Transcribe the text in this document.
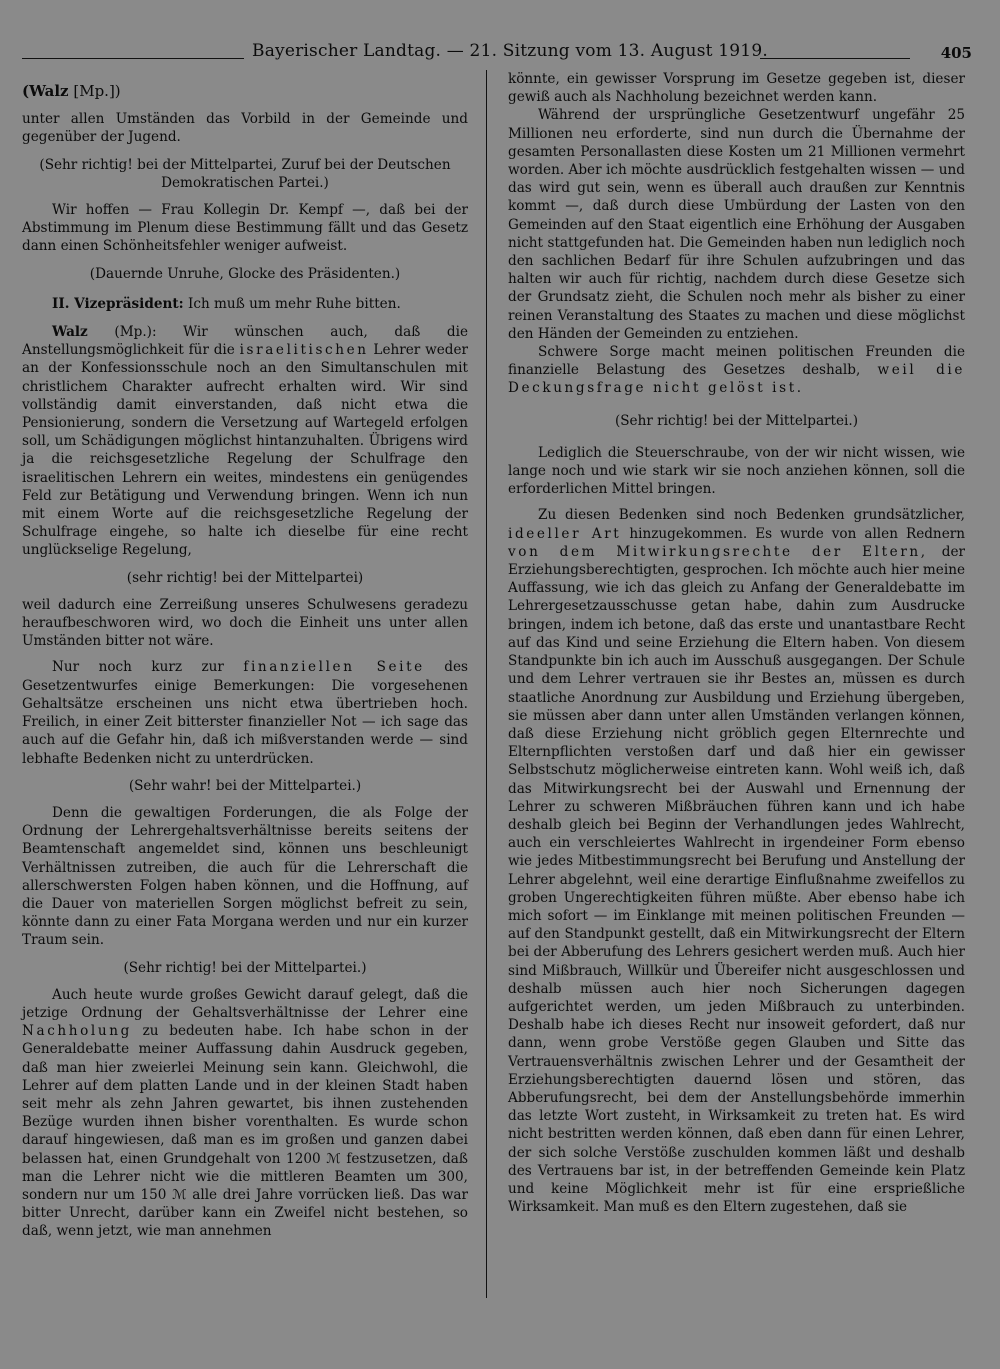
Bayerischer Landtag. — 21. Sitzung vom 13. August 1919.	405

(Walz [Mp.])

unter allen Umständen das Vorbild in der Gemeinde und gegenüber der Jugend.

(Sehr richtig! bei der Mittelpartei, Zuruf bei der Deutschen Demokratischen Partei.)

Wir hoffen — Frau Kollegin Dr. Kempf —, daß bei der Abstimmung im Plenum diese Bestimmung fällt und das Gesetz dann einen Schönheitsfehler weniger aufweist.

(Dauernde Unruhe, Glocke des Präsidenten.)

II. Vizepräsident: Ich muß um mehr Ruhe bitten.

Walz (Mp.): Wir wünschen auch, daß die Anstellungsmöglichkeit für die israelitischen Lehrer weder an der Konfessionsschule noch an den Simultanschulen mit christlichem Charakter aufrecht erhalten wird. Wir sind vollständig damit einverstanden, daß nicht etwa die Pensionierung, sondern die Versetzung auf Wartegeld erfolgen soll, um Schädigungen möglichst hintanzuhalten. Übrigens wird ja die reichsgesetzliche Regelung der Schulfrage den israelitischen Lehrern ein weites, mindestens ein genügendes Feld zur Betätigung und Verwendung bringen. Wenn ich nun mit einem Worte auf die reichsgesetzliche Regelung der Schulfrage eingehe, so halte ich dieselbe für eine recht unglückselige Regelung,

(sehr richtig! bei der Mittelpartei)

weil dadurch eine Zerreißung unseres Schulwesens geradezu heraufbeschworen wird, wo doch die Einheit uns unter allen Umständen bitter not wäre.

Nur noch kurz zur finanziellen Seite des Gesetzentwurfes einige Bemerkungen: Die vorgesehenen Gehaltsätze erscheinen uns nicht etwa übertrieben hoch. Freilich, in einer Zeit bitterster finanzieller Not — ich sage das auch auf die Gefahr hin, daß ich mißverstanden werde — sind lebhafte Bedenken nicht zu unterdrücken.

(Sehr wahr! bei der Mittelpartei.)

Denn die gewaltigen Forderungen, die als Folge der Ordnung der Lehrergehaltsverhältnisse bereits seitens der Beamtenschaft angemeldet sind, können uns beschleunigt Verhältnissen zutreiben, die auch für die Lehrerschaft die allerschwersten Folgen haben können, und die Hoffnung, auf die Dauer von materiellen Sorgen möglichst befreit zu sein, könnte dann zu einer Fata Morgana werden und nur ein kurzer Traum sein.

(Sehr richtig! bei der Mittelpartei.)

Auch heute wurde großes Gewicht darauf gelegt, daß die jetzige Ordnung der Gehaltsverhältnisse der Lehrer eine Nachholung zu bedeuten habe. Ich habe schon in der Generaldebatte meiner Auffassung dahin Ausdruck gegeben, daß man hier zweierlei Meinung sein kann. Gleichwohl, die Lehrer auf dem platten Lande und in der kleinen Stadt haben seit mehr als zehn Jahren gewartet, bis ihnen zustehenden Bezüge wurden ihnen bisher vorenthalten. Es wurde schon darauf hingewiesen, daß man es im großen und ganzen dabei belassen hat, einen Grundgehalt von 1200 ℳ festzusetzen, daß man die Lehrer nicht wie die mittleren Beamten um 300, sondern nur um 150 ℳ alle drei Jahre vorrücken ließ. Das war bitter Unrecht, darüber kann ein Zweifel nicht bestehen, so daß, wenn jetzt, wie man annehmen

könnte, ein gewisser Vorsprung im Gesetze gegeben ist, dieser gewiß auch als Nachholung bezeichnet werden kann.

Während der ursprüngliche Gesetzentwurf ungefähr 25 Millionen neu erforderte, sind nun durch die Übernahme der gesamten Personallasten diese Kosten um 21 Millionen vermehrt worden. Aber ich möchte ausdrücklich festgehalten wissen — und das wird gut sein, wenn es überall auch draußen zur Kenntnis kommt —, daß durch diese Umbürdung der Lasten von den Gemeinden auf den Staat eigentlich eine Erhöhung der Ausgaben nicht stattgefunden hat. Die Gemeinden haben nun lediglich noch den sachlichen Bedarf für ihre Schulen aufzubringen und das halten wir auch für richtig, nachdem durch diese Gesetze sich der Grundsatz zieht, die Schulen noch mehr als bisher zu einer reinen Veranstaltung des Staates zu machen und diese möglichst den Händen der Gemeinden zu entziehen.

Schwere Sorge macht meinen politischen Freunden die finanzielle Belastung des Gesetzes deshalb, weil die Deckungsfrage nicht gelöst ist.

(Sehr richtig! bei der Mittelpartei.)

Lediglich die Steuerschraube, von der wir nicht wissen, wie lange noch und wie stark wir sie noch anziehen können, soll die erforderlichen Mittel bringen.

Zu diesen Bedenken sind noch Bedenken grundsätzlicher, ideeller Art hinzugekommen. Es wurde von allen Rednern von dem Mitwirkungsrechte der Eltern, der Erziehungsberechtigten, gesprochen. Ich möchte auch hier meine Auffassung, wie ich das gleich zu Anfang der Generaldebatte im Lehrergesetzausschusse getan habe, dahin zum Ausdrucke bringen, indem ich betone, daß das erste und unantastbare Recht auf das Kind und seine Erziehung die Eltern haben. Von diesem Standpunkte bin ich auch im Ausschuß ausgegangen. Der Schule und dem Lehrer vertrauen sie ihr Bestes an, müssen es durch staatliche Anordnung zur Ausbildung und Erziehung übergeben, sie müssen aber dann unter allen Umständen verlangen können, daß diese Erziehung nicht gröblich gegen Elternrechte und Elternpflichten verstoßen darf und daß hier ein gewisser Selbstschutz möglicherweise eintreten kann. Wohl weiß ich, daß das Mitwirkungsrecht bei der Auswahl und Ernennung der Lehrer zu schweren Mißbräuchen führen kann und ich habe deshalb gleich bei Beginn der Verhandlungen jedes Wahlrecht, auch ein verschleiertes Wahlrecht in irgendeiner Form ebenso wie jedes Mitbestimmungsrecht bei Berufung und Anstellung der Lehrer abgelehnt, weil eine derartige Einflußnahme zweifellos zu groben Ungerechtigkeiten führen müßte. Aber ebenso habe ich mich sofort — im Einklange mit meinen politischen Freunden — auf den Standpunkt gestellt, daß ein Mitwirkungsrecht der Eltern bei der Abberufung des Lehrers gesichert werden muß. Auch hier sind Mißbrauch, Willkür und Übereifer nicht ausgeschlossen und deshalb müssen auch hier noch Sicherungen dagegen aufgerichtet werden, um jeden Mißbrauch zu unterbinden. Deshalb habe ich dieses Recht nur insoweit gefordert, daß nur dann, wenn grobe Verstöße gegen Glauben und Sitte das Vertrauensverhältnis zwischen Lehrer und der Gesamtheit der Erziehungsberechtigten dauernd lösen und stören, das Abberufungsrecht, bei dem der Anstellungsbehörde immerhin das letzte Wort zusteht, in Wirksamkeit zu treten hat. Es wird nicht bestritten werden können, daß eben dann für einen Lehrer, der sich solche Verstöße zuschulden kommen läßt und deshalb des Vertrauens bar ist, in der betreffenden Gemeinde kein Platz und keine Möglichkeit mehr ist für eine ersprießliche Wirksamkeit. Man muß es den Eltern zugestehen, daß sie
